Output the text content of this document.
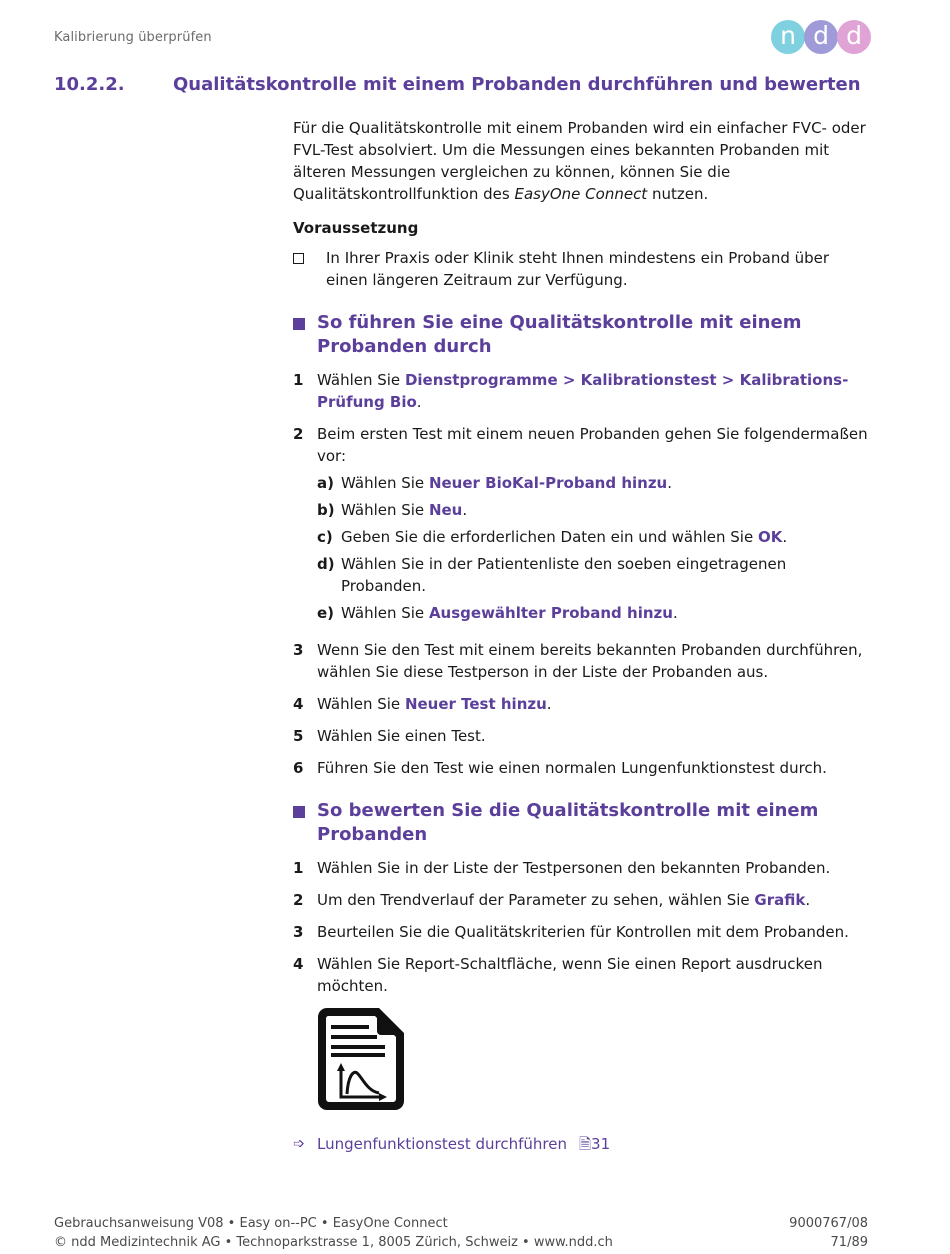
Kalibrierung überprüfen	n d d
10.2.2.	Qualitätskontrolle mit einem Probanden durchführen und bewerten

Für die Qualitätskontrolle mit einem Probanden wird ein einfacher FVC- oder FVL-Test absolviert. Um die Messungen eines bekannten Probanden mit älteren Messungen vergleichen zu können, können Sie die Qualitätskontrollfunktion des EasyOne Connect nutzen.

Voraussetzung
In Ihrer Praxis oder Klinik steht Ihnen mindestens ein Proband über einen längeren Zeitraum zur Verfügung.
So führen Sie eine Qualitätskontrolle mit einem Probanden durch
1 Wählen Sie Dienstprogramme > Kalibrationstest > Kalibrations-Prüfung Bio.
2 Beim ersten Test mit einem neuen Probanden gehen Sie folgendermaßen vor:
a) Wählen Sie Neuer BioKal-Proband hinzu.
b) Wählen Sie Neu.
c) Geben Sie die erforderlichen Daten ein und wählen Sie OK.
d) Wählen Sie in der Patientenliste den soeben eingetragenen Probanden.
e) Wählen Sie Ausgewählter Proband hinzu.
3 Wenn Sie den Test mit einem bereits bekannten Probanden durchführen, wählen Sie diese Testperson in der Liste der Probanden aus.
4 Wählen Sie Neuer Test hinzu.
5 Wählen Sie einen Test.
6 Führen Sie den Test wie einen normalen Lungenfunktionstest durch.
So bewerten Sie die Qualitätskontrolle mit einem Probanden
1 Wählen Sie in der Liste der Testpersonen den bekannten Probanden.
2 Um den Trendverlauf der Parameter zu sehen, wählen Sie Grafik.
3 Beurteilen Sie die Qualitätskriterien für Kontrollen mit dem Probanden.
4 Wählen Sie Report-Schaltfläche, wenn Sie einen Report ausdrucken möchten.
➩ Lungenfunktionstest durchführen 🗎 31
Gebrauchsanweisung V08 • Easy on--PC • EasyOne Connect
© ndd Medizintechnik AG • Technoparkstrasse 1, 8005 Zürich, Schweiz • www.ndd.ch
9000767/08
71/89
